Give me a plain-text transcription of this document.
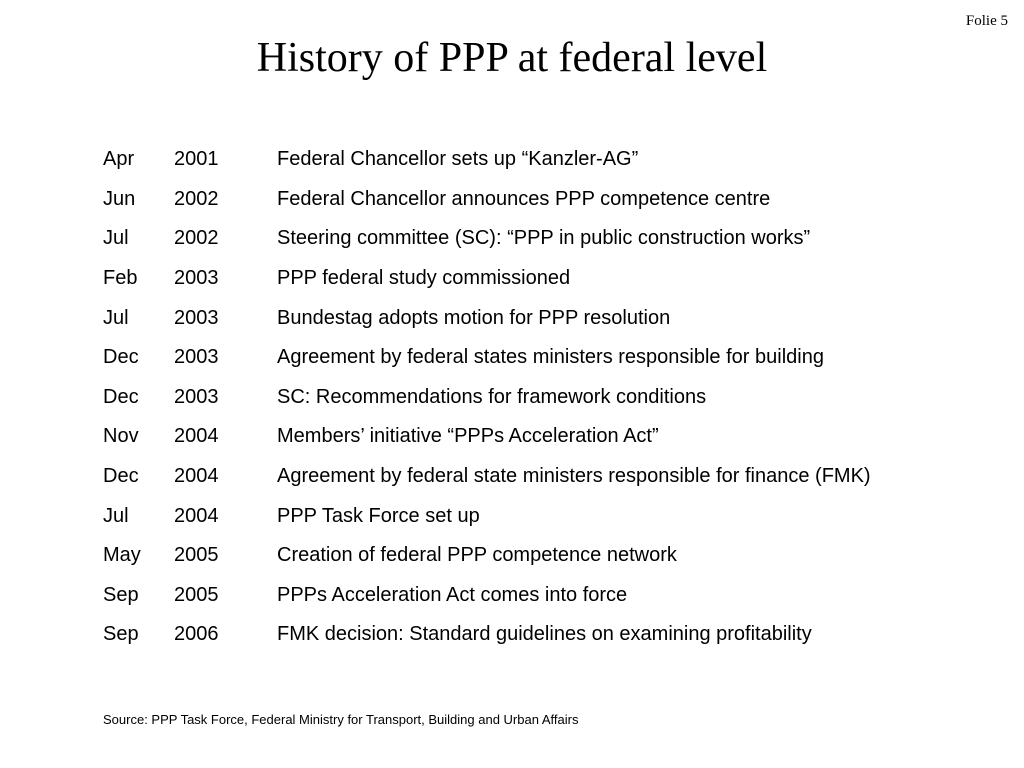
Folie 5
History of PPP at federal level
Apr	2001	Federal Chancellor sets up “Kanzler-AG”
Jun	2002	Federal Chancellor announces PPP competence centre
Jul	2002	Steering committee (SC): “PPP in public construction works”
Feb	2003	PPP federal study commissioned
Jul	2003	Bundestag adopts motion for PPP resolution
Dec	2003	Agreement by federal states ministers responsible for building
Dec	2003	SC: Recommendations for framework conditions
Nov	2004	Members’ initiative “PPPs Acceleration Act”
Dec	2004	Agreement by federal state ministers responsible for finance (FMK)
Jul	2004	PPP Task Force set up
May	2005	Creation of federal PPP competence network
Sep	2005	PPPs Acceleration Act comes into force
Sep	2006	FMK decision: Standard guidelines on examining profitability
Source: PPP Task Force, Federal Ministry for Transport, Building and Urban Affairs
